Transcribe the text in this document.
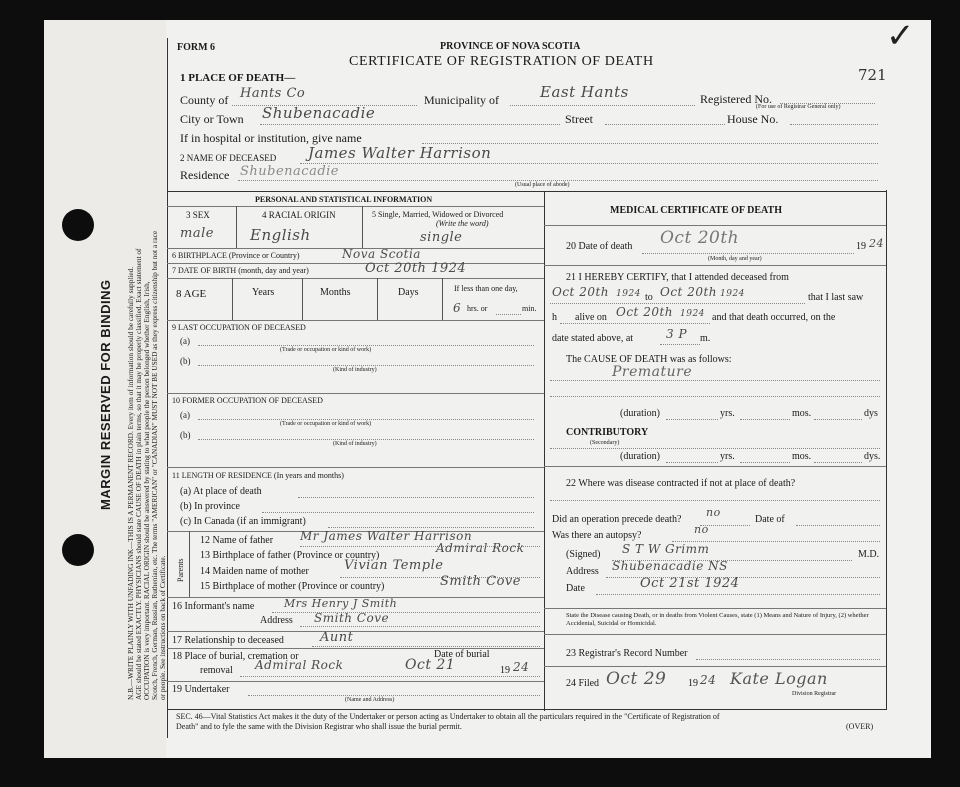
MARGIN RESERVED FOR BINDING N.B.—WRITE PLAINLY WITH UNFADING INK—THIS IS A PERMANENT RECORD. Every item of information should be carefully supplied. AGE should be stated EXACTLY. PHYSICIANS should state CAUSE OF DEATH in plain terms, so that it may be properly classified. Exact statement of OCCUPATION is very important. RACIAL ORIGIN should be answered by stating to what people the person belonged whether English, Irish, Scotch, French, German, Russian, Ruthenian, etc. The terms "AMERICAN" or "CANADIAN" MUST NOT BE USED as they express citizenship but not a race or people. See instructions on back of Certificate.
FORM 6	PROVINCE OF NOVA SCOTIA
CERTIFICATE OF REGISTRATION OF DEATH
721
✓
1 PLACE OF DEATH—
County of Hants Co	Municipality of	East Hants	Registered No.
(For use of Registrar General only)
City or Town Shubenacadie	Street	House No.
If in hospital or institution, give name
2 NAME OF DECEASED James Walter Harrison
Residence Shubenacadie
(Usual place of abode)
PERSONAL AND STATISTICAL INFORMATION
3 SEX
male
4 RACIAL ORIGIN
English
5 Single, Married, Widowed or Divorced
(Write the word)
single
6 BIRTHPLACE (Province or Country)	Nova Scotia
7 DATE OF BIRTH (month, day and year)	Oct 20th 1924
8 AGE	Years	Months	Days	If less than one day,
6 hrs. or	min.
9 LAST OCCUPATION OF DECEASED
(a)
(Trade or occupation or kind of work)
(b)
(Kind of industry)
10 FORMER OCCUPATION OF DECEASED
(a)
(Trade or occupation or kind of work)
(b)
(Kind of industry)
11 LENGTH OF RESIDENCE (In years and months)
(a) At place of death
(b) In province
(c) In Canada (if an immigrant)
Parents
12 Name of father Mr James Walter Harrison
13 Birthplace of father (Province or country)
Admiral Rock
14 Maiden name of mother	Vivian Temple
15 Birthplace of mother (Province or country)	Smith Cove
16 Informant's name	Mrs Henry J Smith
Address Smith Cove
17 Relationship to deceased	Aunt
18 Place of burial, cremation or
removal Admiral Rock
Date of burial
Oct 21	19 24
19 Undertaker
(Name and Address)
MEDICAL CERTIFICATE OF DEATH
20 Date of death Oct 20th	19 24
(Month, day and year)
21 I HEREBY CERTIFY, that I attended deceased from
Oct 20th 1924 to Oct 20th 1924	that I last saw
h alive on Oct 20th 1924 and that death occurred, on the
date stated above, at	3 P m.
The CAUSE OF DEATH was as follows:
Premature
(duration)	yrs.	mos.	dys
CONTRIBUTORY
(Secondary)
(duration)	yrs.	mos.	dys.
22 Where was disease contracted if not at place of death?
Did an operation precede death?
no
Date of
Was there an autopsy?	no
(Signed) S T W Grimm	M.D.
Address Shubenacadie NS
Date	Oct 21st 1924
State the Disease causing Death, or in deaths from Violent Causes, state (1) Means and Nature of Injury, (2) whether Accidental, Suicidal or Homicidal.
23 Registrar's Record Number
24 Filed Oct 29 19 24 Kate Logan
Division Registrar
SEC. 46—Vital Statistics Act makes it the duty of the Undertaker or person acting as Undertaker to obtain all the particulars required in the "Certificate of Registration of
Death" and to fyle the same with the Division Registrar who shall issue the burial permit.	(OVER)
